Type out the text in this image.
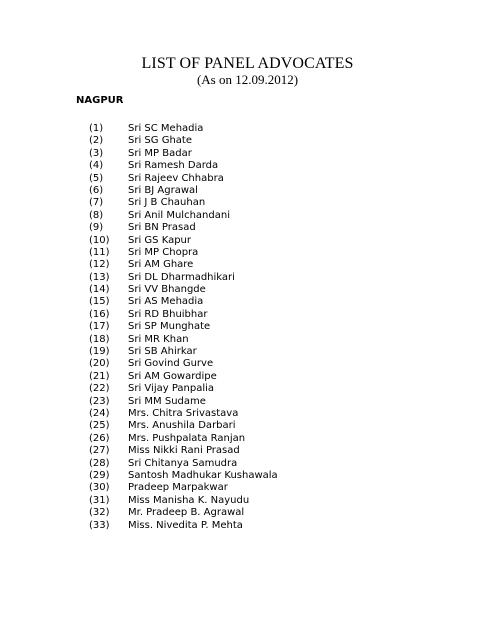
LIST OF PANEL ADVOCATES
(As on 12.09.2012)
NAGPUR
(1) Sri SC Mehadia
(2) Sri SG Ghate
(3) Sri MP Badar
(4) Sri Ramesh Darda
(5) Sri Rajeev Chhabra
(6) Sri BJ Agrawal
(7) Sri J B Chauhan
(8) Sri Anil Mulchandani
(9) Sri BN Prasad
(10) Sri GS Kapur
(11) Sri MP Chopra
(12) Sri AM Ghare
(13) Sri DL Dharmadhikari
(14) Sri VV Bhangde
(15) Sri AS Mehadia
(16) Sri RD Bhuibhar
(17) Sri SP Munghate
(18) Sri MR Khan
(19) Sri SB Ahirkar
(20) Sri Govind Gurve
(21) Sri AM Gowardipe
(22) Sri Vijay Panpalia
(23) Sri MM Sudame
(24) Mrs. Chitra Srivastava
(25) Mrs. Anushila Darbari
(26) Mrs. Pushpalata Ranjan
(27) Miss Nikki Rani Prasad
(28) Sri Chitanya Samudra
(29) Santosh Madhukar Kushawala
(30) Pradeep Marpakwar
(31) Miss Manisha K. Nayudu
(32) Mr. Pradeep B. Agrawal
(33) Miss. Nivedita P. Mehta
